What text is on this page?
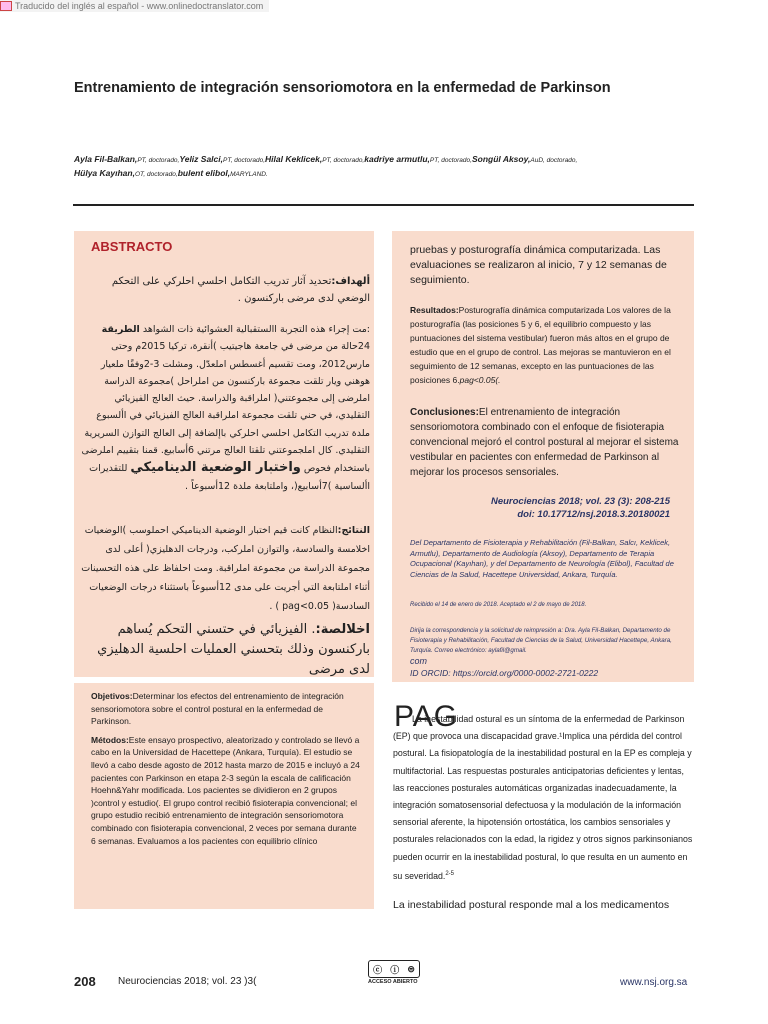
Traducido del inglés al español - www.onlinedoctranslator.com
Entrenamiento de integración sensoriomotora en la enfermedad de Parkinson
Ayla Fil-Balkan,PT, doctorado,Yeliz Salci,PT, doctorado,Hilal Keklicek,PT, doctorado,kadriye armutlu,PT, doctorado,Songül Aksoy,AuD, doctorado,
Hülya Kayıhan,OT, doctorado,bulent elibol,MARYLAND.
ABSTRACTO
ألهداف:تحديد آثار تدريب التكامل احلسي احلركي على التحكم الوضعي لدى مرضى باركنسون .
:مت إجراء هذه التجربة االستقبالية العشوائية ذات الشواهد الطريقة 24حالة من مرضى في جامعة هاجيتيب )أنقرة، تركيا 2015م وحتى مارس2012، ومت تقسيم أغسطس املعدّل. ومشلت 3-2وفقًا ملعيار هوهني ويار تلقت مجموعة باركنسون من املراحل )مجموعة الدراسة املرضى إلى مجموعتني( املراقبة والدراسة. حيث العالج الفيزيائي التقليدي، في حني تلقت مجموعة املراقبة العالج الفيزيائي في األسبوع ملدة تدريب التكامل احلسي احلركي باإلضافة إلى العالج التوازن السريرية التقليدي. كال املجموعتني تلقتا العالج مرتني 6أسابيع. قمنا بتقييم املرضى باستخدام فحوص واختبار الوضعية الديناميكي للتقديرات األساسية )7أسابيع(، واملتابعة ملدة 12أسبوعاً .
النتائج:النظام كانت قيم اختبار الوضعية الديناميكي احملوسب )الوضعيات اخلامسة والسادسة، والتوازن املركب، ودرجات الدهليزي( أعلى لدى مجموعة الدراسة من مجموعة املراقبة. ومت احلفاظ على هذه التحسينات أثناء املتابعة التي أجريت على مدى 12أسبوعاً باستثناء درجات الوضعيات السادسة( pag<0.05 ) .
اخلالصة:. الفيزيائي في حتسني التحكم يُساهم باركنسون وذلك بتحسني العمليات احلسية الدهليزي لدى مرضى

Objetivos:Determinar los efectos del entrenamiento de integración sensoriomotora sobre el control postural en la enfermedad de Parkinson.

Métodos:Este ensayo prospectivo, aleatorizado y controlado se llevó a cabo en la Universidad de Hacettepe (Ankara, Turquía). El estudio se llevó a cabo desde agosto de 2012 hasta marzo de 2015 e incluyó a 24 pacientes con Parkinson en etapa 2-3 según la escala de calificación Hoehn&Yahr modificada. Los pacientes se dividieron en 2 grupos )control y estudio(. El grupo control recibió fisioterapia convencional; el grupo estudio recibió entrenamiento de integración sensoriomotora combinado con fisioterapia convencional, 2 veces por semana durante 6 semanas. Evaluamos a los pacientes con equilibrio clínico

pruebas y posturografía dinámica computarizada. Las evaluaciones se realizaron al inicio, 7 y 12 semanas de seguimiento.
Resultados:Posturografía dinámica computarizada Los valores de la posturografía (las posiciones 5 y 6, el equilibrio compuesto y las puntuaciones del sistema vestibular) fueron más altos en el grupo de estudio que en el grupo de control. Las mejoras se mantuvieron en el seguimiento de 12 semanas, excepto en las puntuaciones de las posiciones 6.pag<0.05(.
Conclusiones:El entrenamiento de integración sensoriomotora combinado con el enfoque de fisioterapia convencional mejoró el control postural al mejorar el sistema vestibular en pacientes con enfermedad de Parkinson al mejorar los procesos sensoriales.
Neurociencias 2018; vol. 23 (3): 208-215
doi: 10.17712/nsj.2018.3.20180021
Del Departamento de Fisioterapia y Rehabilitación (Fil-Balkan, Salcı, Keklicek, Armutlu), Departamento de Audiología (Aksoy), Departamento de Terapia Ocupacional (Kayıhan), y del Departamento de Neurología (Elibol), Facultad de Ciencias de la Salud, Hacettepe Universidad, Ankara, Turquía.
Recibido el 14 de enero de 2018. Aceptado el 2 de mayo de 2018.
Dirija la correspondencia y la solicitud de reimpresión a: Dra. Ayla Fil-Balkan, Departamento de Fisioterapia y Rehabilitación, Facultad de Ciencias de la Salud, Universidad Hacettepe, Ankara, Turquía. Correo electrónico: aylafil@gmail.
com
ID ORCID: https://orcid.org/0000-0002-2721-0222
PAG
La inestabilidad ostural es un síntoma de la enfermedad de Parkinson (EP) que provoca una discapacidad grave.¹Implica una pérdida del control postural. La fisiopatología de la inestabilidad postural en la EP es compleja y multifactorial. Las respuestas posturales anticipatorias deficientes y lentas, las reacciones posturales automáticas organizadas inadecuadamente, la integración somatosensorial defectuosa y la modulación de la información sensorial aferente, la hipotensión ortostática, los cambios sensoriales y posturales relacionados con la edad, la rigidez y otros signos parkinsonianos pueden ocurrir en la inestabilidad postural, lo que resulta en un aumento en su severidad.$^{2-5}$
La inestabilidad postural responde mal a los medicamentos
208 Neurociencias 2018; vol. 23 )3(
ⓒ ⓘ ⊜
ACCESO ABIERTO	www.nsj.org.sa
